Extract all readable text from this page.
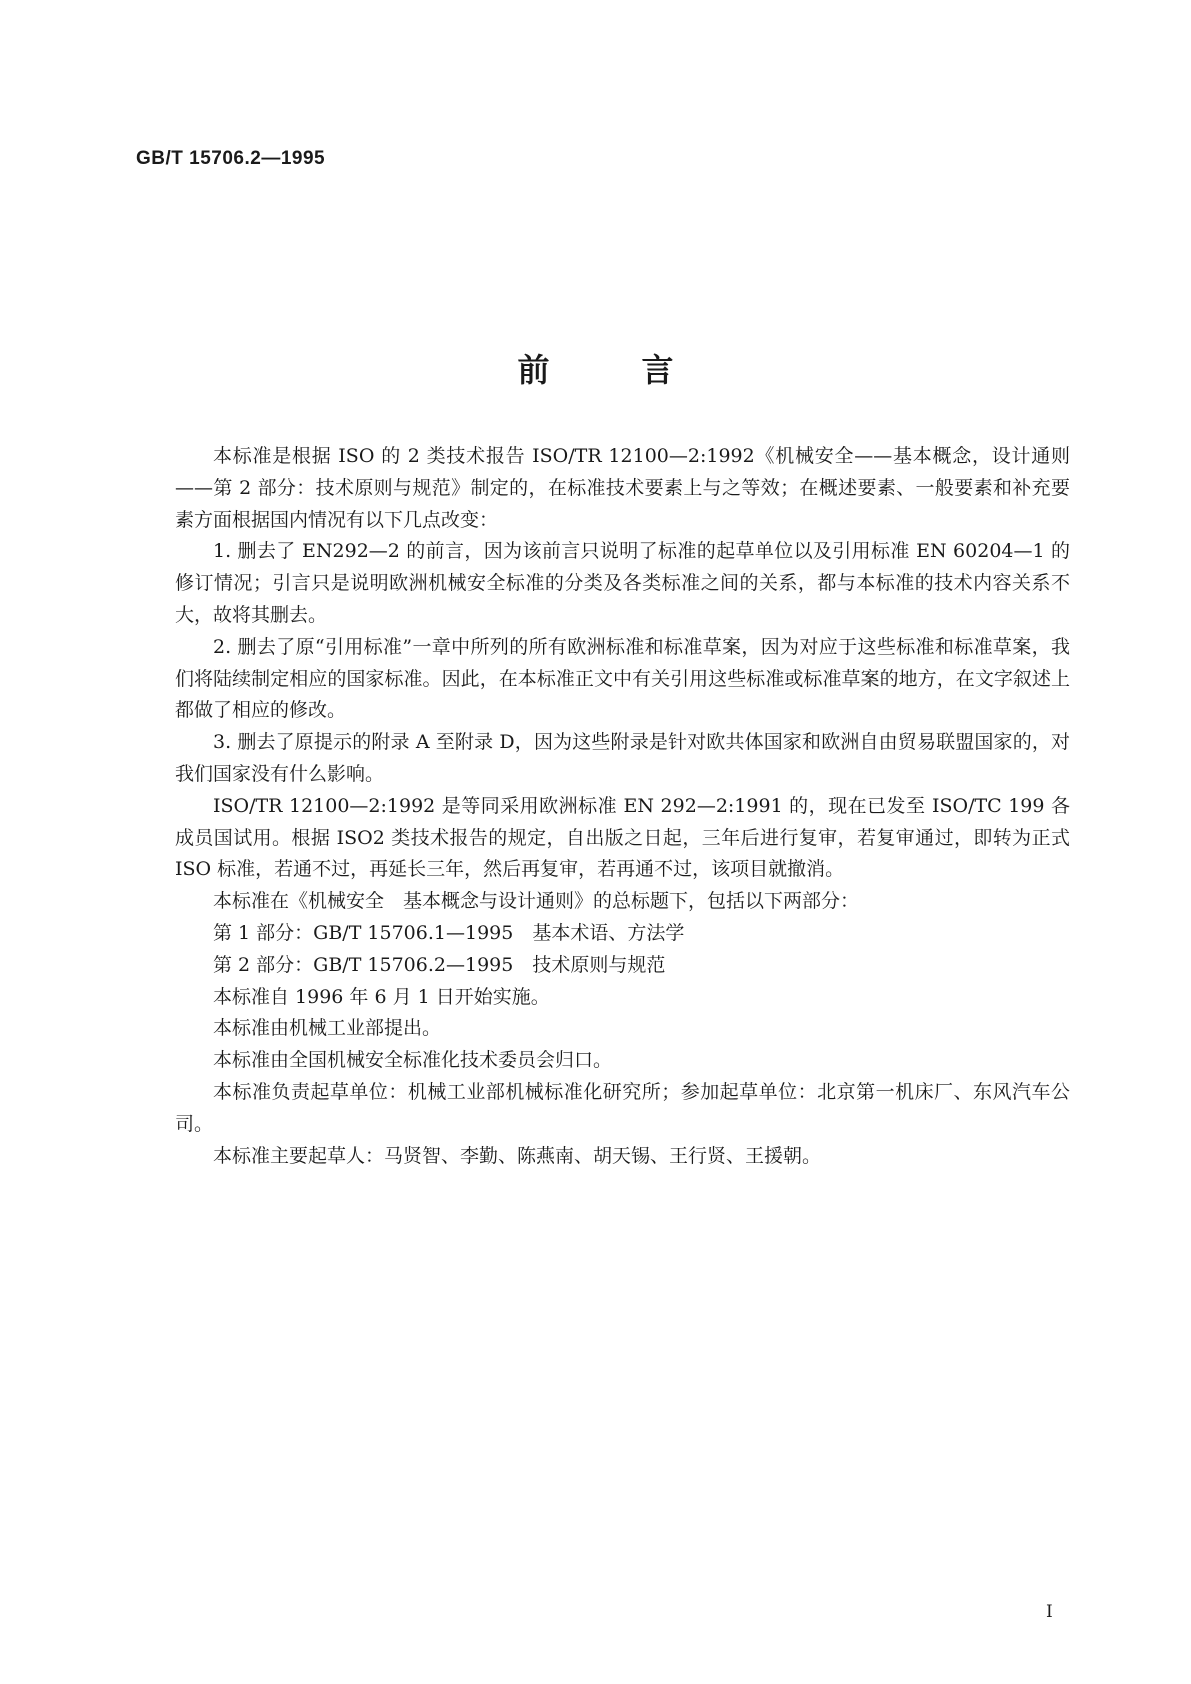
GB/T 15706.2—1995
前	言

本标准是根据 ISO 的 2 类技术报告 ISO/TR 12100—2:1992《机械安全——基本概念，设计通则——第 2 部分：技术原则与规范》制定的，在标准技术要素上与之等效；在概述要素、一般要素和补充要素方面根据国内情况有以下几点改变：

1. 删去了 EN292—2 的前言，因为该前言只说明了标准的起草单位以及引用标准 EN 60204—1 的修订情况；引言只是说明欧洲机械安全标准的分类及各类标准之间的关系，都与本标准的技术内容关系不大，故将其删去。

2. 删去了原“引用标准”一章中所列的所有欧洲标准和标准草案，因为对应于这些标准和标准草案，我们将陆续制定相应的国家标准。因此，在本标准正文中有关引用这些标准或标准草案的地方，在文字叙述上都做了相应的修改。

3. 删去了原提示的附录 A 至附录 D，因为这些附录是针对欧共体国家和欧洲自由贸易联盟国家的，对我们国家没有什么影响。

ISO/TR 12100—2:1992 是等同采用欧洲标准 EN 292—2:1991 的，现在已发至 ISO/TC 199 各成员国试用。根据 ISO2 类技术报告的规定，自出版之日起，三年后进行复审，若复审通过，即转为正式 ISO 标准，若通不过，再延长三年，然后再复审，若再通不过，该项目就撤消。

本标准在《机械安全　基本概念与设计通则》的总标题下，包括以下两部分：

第 1 部分：GB/T 15706.1—1995　基本术语、方法学

第 2 部分：GB/T 15706.2—1995　技术原则与规范

本标准自 1996 年 6 月 1 日开始实施。

本标准由机械工业部提出。

本标准由全国机械安全标准化技术委员会归口。

本标准负责起草单位：机械工业部机械标准化研究所；参加起草单位：北京第一机床厂、东风汽车公司。

本标准主要起草人：马贤智、李勤、陈燕南、胡天锡、王行贤、王援朝。

I
